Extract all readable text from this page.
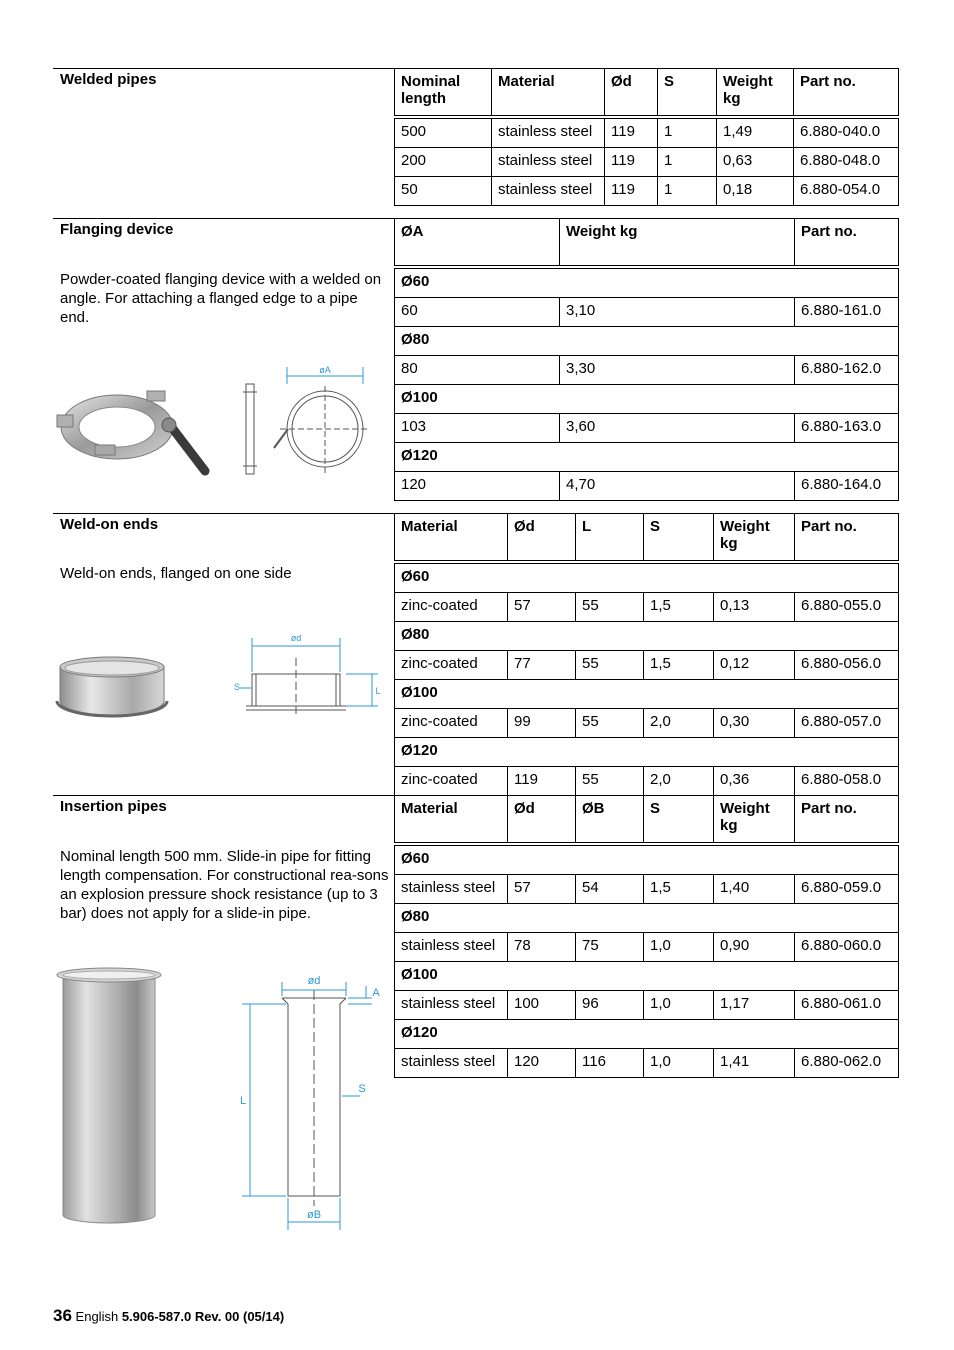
Welded pipes	Nominal length	Material	Ød	S	Weight kg	Part no.

500	stainless steel	119	1	1,49	6.880-040.0
200	stainless steel	119	1	0,63	6.880-048.0
50	stainless steel	119	1	0,18	6.880-054.0
Flanging device
Powder-coated flanging device with a welded on angle. For attaching a flanged edge to a pipe end.
øA
ØA	Weight kg	Part no.

Ø60		
60	3,10	6.880-161.0
Ø80		
80	3,30	6.880-162.0
Ø100		
103	3,60	6.880-163.0
Ø120		
120	4,70	6.880-164.0
Weld-on ends
Weld-on ends, flanged on one side
ød
S	L
Material	Ød	L	S	Weight kg	Part no.

Ø60					
zinc-coated	57	55	1,5	0,13	6.880-055.0
Ø80					
zinc-coated	77	55	1,5	0,12	6.880-056.0
Ø100					
zinc-coated	99	55	2,0	0,30	6.880-057.0
Ø120					
zinc-coated	119	55	2,0	0,36	6.880-058.0
Insertion pipes
Nominal length 500 mm. Slide-in pipe for fitting length compensation. For constructional rea-sons an explosion pressure shock resistance (up to 3 bar) does not apply for a slide-in pipe.
ød
A
S
L
øB
Material	Ød	ØB	S	Weight kg	Part no.

Ø60					
stainless steel	57	54	1,5	1,40	6.880-059.0
Ø80					
stainless steel	78	75	1,0	0,90	6.880-060.0
Ø100					
stainless steel	100	96	1,0	1,17	6.880-061.0
Ø120					
stainless steel	120	116	1,0	1,41	6.880-062.0
36 English 5.906-587.0 Rev. 00 (05/14)
